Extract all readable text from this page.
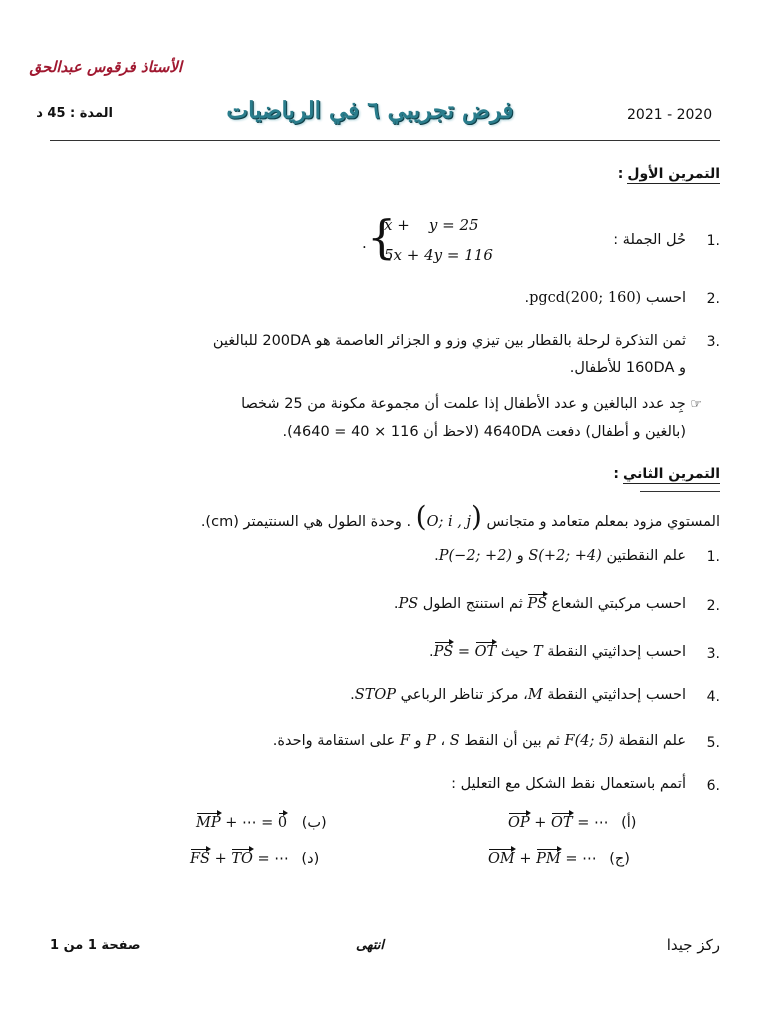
الأستاذ فرقوس عبدالحق
المدة : 45 د	فرض تجريبي ٦ في الرياضيات	2021 - 2020
التمرين الأول:
1.
حُل الجملة :
. {
x +    y = 25
5x + 4y = 116
2.
احسب pgcd(200; 160).
3.
ثمن التذكرة لرحلة بالقطار بين تيزي وزو و الجزائر العاصمة هو 200DA للبالغين
و 160DA للأطفال.
☞ جِد عدد البالغين و عدد الأطفال إذا علمت أن مجموعة مكونة من 25 شخصا
(بالغين و أطفال) دفعت 4640DA (لاحظ أن 116 × 40 = 4640).
التمرين الثاني:
المستوي مزود بمعلم متعامد و متجانس (O; i , j) . وحدة الطول هي السنتيمتر (cm).
1.
علم النقطتين S(+2; +4) و P(−2; +2).
2.
احسب مركبتي الشعاع PS ثم استنتج الطول PS.
3.
احسب إحداثيتي النقطة T حيث PS = OT.
4.
احسب إحداثيتي النقطة M، مركز تناظر الرباعي STOP.
5.
علم النقطة F(4; 5) ثم بين أن النقط P ، S و F على استقامة واحدة.
6.
أتمم باستعمال نقط الشكل مع التعليل :
OP + OT = ⋯ (أ)
MP + ⋯ = 0 (ب)
OM + PM = ⋯ (ج)
FS + TO = ⋯ (د)
صفحة 1 من 1	انتهى	ركز جيدا
